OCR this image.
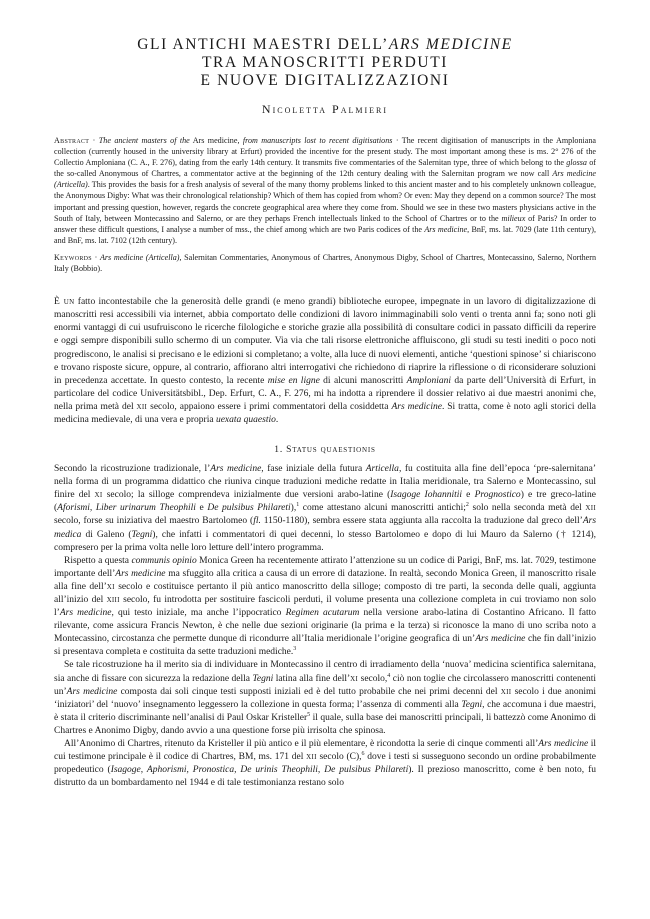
GLI ANTICHI MAESTRI DELL’ARS MEDICINE
TRA MANOSCRITTI PERDUTI
E NUOVE DIGITALIZZAZIONI
Nicoletta Palmieri

Abstract · The ancient masters of the Ars medicine, from manuscripts lost to recent digitisations · The recent digitisation of manuscripts in the Amploniana collection (currently housed in the university library at Erfurt) provided the incentive for the present study. The most important among these is ms. 2° 276 of the Collectio Amploniana (C. A., F. 276), dating from the early 14th century. It transmits five commentaries of the Salernitan type, three of which belong to the glossa of the so-called Anonymous of Chartres, a commentator active at the beginning of the 12th century dealing with the Salernitan program we now call Ars medicine (Articella). This provides the basis for a fresh analysis of several of the many thorny problems linked to this ancient master and to his completely unknown colleague, the Anonymous Digby: What was their chronological relationship? Which of them has copied from whom? Or even: May they depend on a common source? The most important and pressing question, however, regards the concrete geographical area where they come from. Should we see in these two masters physicians active in the South of Italy, between Montecassino and Salerno, or are they perhaps French intellectuals linked to the School of Chartres or to the milieux of Paris? In order to answer these difficult questions, I analyse a number of mss., the chief among which are two Paris codices of the Ars medicine, BnF, ms. lat. 7029 (late 11th century), and BnF, ms. lat. 7102 (12th century).

Keywords · Ars medicine (Articella), Salernitan Commentaries, Anonymous of Chartres, Anonymous Digby, School of Chartres, Montecassino, Salerno, Northern Italy (Bobbio).

È un fatto incontestabile che la generosità delle grandi (e meno grandi) biblioteche europee, impegnate in un lavoro di digitalizzazione di manoscritti resi accessibili via internet, abbia comportato delle condizioni di lavoro inimmaginabili solo venti o trenta anni fa; sono noti gli enormi vantaggi di cui usufruiscono le ricerche filologiche e storiche grazie alla possibilità di consultare codici in passato difficili da reperire e oggi sempre disponibili sullo schermo di un computer. Via via che tali risorse elettroniche affluiscono, gli studi su testi inediti o poco noti progrediscono, le analisi si precisano e le edizioni si completano; a volte, alla luce di nuovi elementi, antiche ‘questioni spinose’ si chiariscono e trovano risposte sicure, oppure, al contrario, affiorano altri interrogativi che richiedono di riaprire la riflessione o di riconsiderare soluzioni in precedenza accettate. In questo contesto, la recente mise en ligne di alcuni manoscritti Amploniani da parte dell’Università di Erfurt, in particolare del codice Universitätsbibl., Dep. Erfurt, C. A., F. 276, mi ha indotta a riprendere il dossier relativo ai due maestri anonimi che, nella prima metà del xii secolo, appaiono essere i primi commentatori della cosiddetta Ars medicine. Si tratta, come è noto agli storici della medicina medievale, di una vera e propria uexata quaestio.

1. Status quaestionis

Secondo la ricostruzione tradizionale, l’Ars medicine, fase iniziale della futura Articella, fu costituita alla fine dell’epoca ‘pre-salernitana’ nella forma di un programma didattico che riuniva cinque traduzioni mediche redatte in Italia meridionale, tra Salerno e Montecassino, sul finire del xi secolo; la silloge comprendeva inizialmente due versioni arabo-latine (Isagoge Iohannitii e Prognostico) e tre greco-latine (Aforismi, Liber urinarum Theophili e De pulsibus Philareti),$^1$ come attestano alcuni manoscritti antichi;$^2$ solo nella seconda metà del xii secolo, forse su iniziativa del maestro Bartolomeo (fl. 1150-1180), sembra essere stata aggiunta alla raccolta la traduzione dal greco dell’Ars medica di Galeno (Tegni), che infatti i commentatori di quei decenni, lo stesso Bartolomeo e dopo di lui Mauro da Salerno († 1214), compresero per la prima volta nelle loro letture dell’intero programma.

Rispetto a questa communis opinio Monica Green ha recentemente attirato l’attenzione su un codice di Parigi, BnF, ms. lat. 7029, testimone importante dell’Ars medicine ma sfuggito alla critica a causa di un errore di datazione. In realtà, secondo Monica Green, il manoscritto risale alla fine dell’xi secolo e costituisce pertanto il più antico manoscritto della silloge; composto di tre parti, la seconda delle quali, aggiunta all’inizio del xiii secolo, fu introdotta per sostituire fascicoli perduti, il volume presenta una collezione completa in cui troviamo non solo l’Ars medicine, qui testo iniziale, ma anche l’ippocratico Regimen acutarum nella versione arabo-latina di Costantino Africano. Il fatto rilevante, come assicura Francis Newton, è che nelle due sezioni originarie (la prima e la terza) si riconosce la mano di uno scriba noto a Montecassino, circostanza che permette dunque di ricondurre all’Italia meridionale l’origine geografica di un’Ars medicine che fin dall’inizio si presentava completa e costituita da sette traduzioni mediche.$^3$

Se tale ricostruzione ha il merito sia di individuare in Montecassino il centro di irradiamento della ‘nuova’ medicina scientifica salernitana, sia anche di fissare con sicurezza la redazione della Tegni latina alla fine dell’xi secolo,$^4$ ciò non toglie che circolassero manoscritti contenenti un’Ars medicine composta dai soli cinque testi supposti iniziali ed è del tutto probabile che nei primi decenni del xii secolo i due anonimi ‘iniziatori’ del ‘nuovo’ insegnamento leggessero la collezione in questa forma; l’assenza di commenti alla Tegni, che accomuna i due maestri, è stata il criterio discriminante nell’analisi di Paul Oskar Kristeller$^5$ il quale, sulla base dei manoscritti principali, li battezzò come Anonimo di Chartres e Anonimo Digby, dando avvio a una questione forse più irrisolta che spinosa.

All’Anonimo di Chartres, ritenuto da Kristeller il più antico e il più elementare, è ricondotta la serie di cinque commenti all’Ars medicine il cui testimone principale è il codice di Chartres, BM, ms. 171 del xii secolo (C),$^6$ dove i testi si susseguono secondo un ordine probabilmente propedeutico (Isagoge, Aphorismi, Pronostica, De urinis Theophili, De pulsibus Philareti). Il prezioso manoscritto, come è ben noto, fu distrutto da un bombardamento nel 1944 e di tale testimonianza restano solo
